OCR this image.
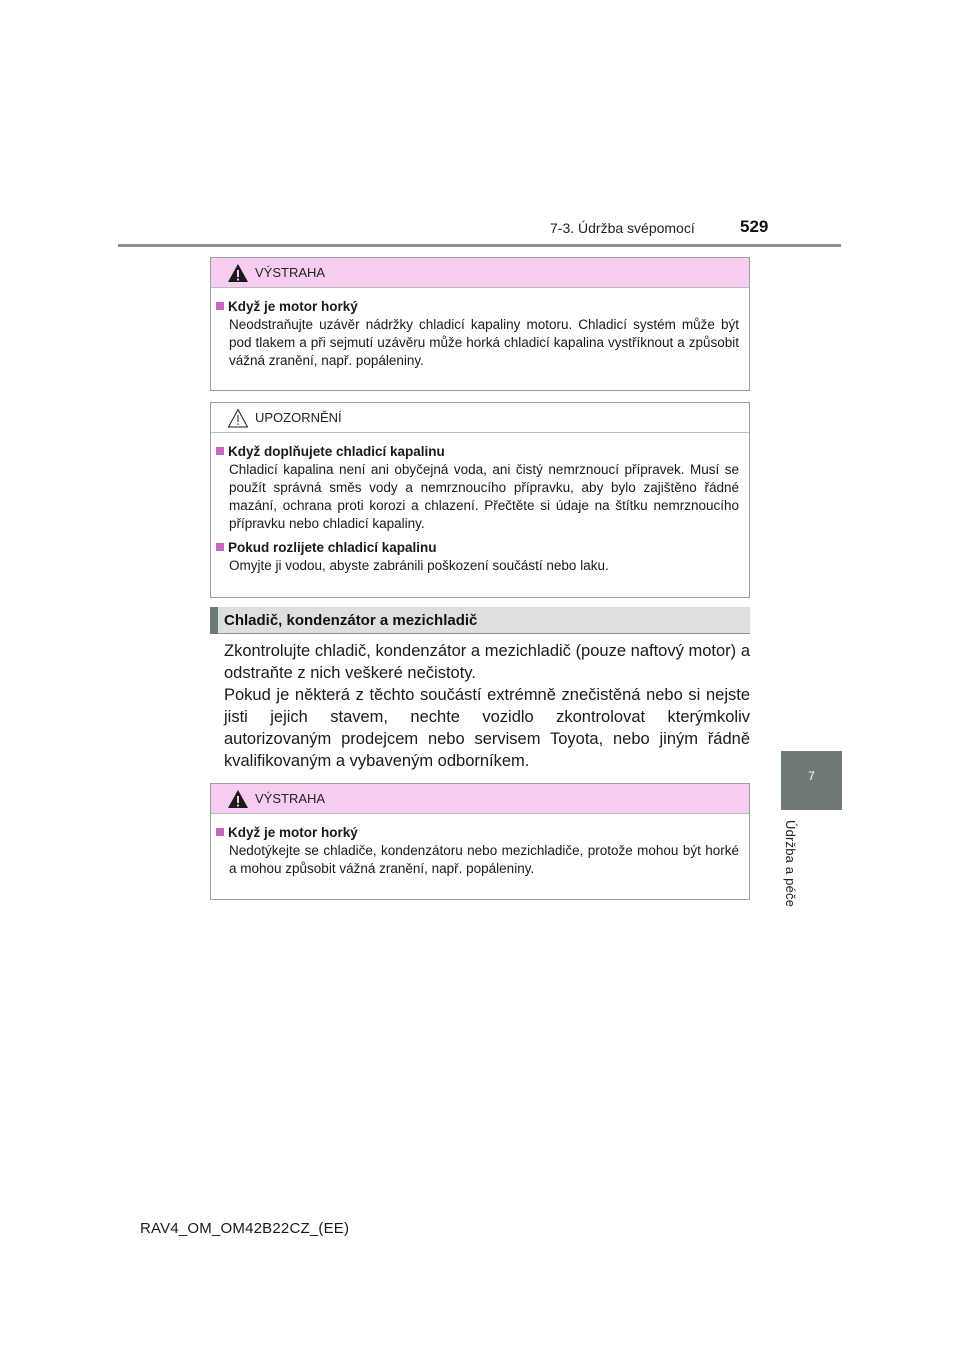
7-3. Údržba svépomocí	529
7
Údržba a péče
VÝSTRAHA
Když je motor horký
Neodstraňujte uzávěr nádržky chladicí kapaliny motoru. Chladicí systém může být pod tlakem a při sejmutí uzávěru může horká chladicí kapalina vystříknout a způsobit vážná zranění, např. popáleniny.
UPOZORNĚNÍ
Když doplňujete chladicí kapalinu
Chladicí kapalina není ani obyčejná voda, ani čistý nemrznoucí přípravek. Musí se použít správná směs vody a nemrznoucího přípravku, aby bylo zajištěno řádné mazání, ochrana proti korozi a chlazení. Přečtěte si údaje na štítku nemrznoucího přípravku nebo chladicí kapaliny.
Pokud rozlijete chladicí kapalinu
Omyjte ji vodou, abyste zabránili poškození součástí nebo laku.
Chladič, kondenzátor a mezichladič

Zkontrolujte chladič, kondenzátor a mezichladič (pouze naftový motor) a odstraňte z nich veškeré nečistoty.

Pokud je některá z těchto součástí extrémně znečistěná nebo si nejste jisti jejich stavem, nechte vozidlo zkontrolovat kterýmkoliv autorizovaným prodejcem nebo servisem Toyota, nebo jiným řádně kvalifikovaným a vybaveným odborníkem.

VÝSTRAHA
Když je motor horký
Nedotýkejte se chladiče, kondenzátoru nebo mezichladiče, protože mohou být horké a mohou způsobit vážná zranění, např. popáleniny.
RAV4_OM_OM42B22CZ_(EE)
